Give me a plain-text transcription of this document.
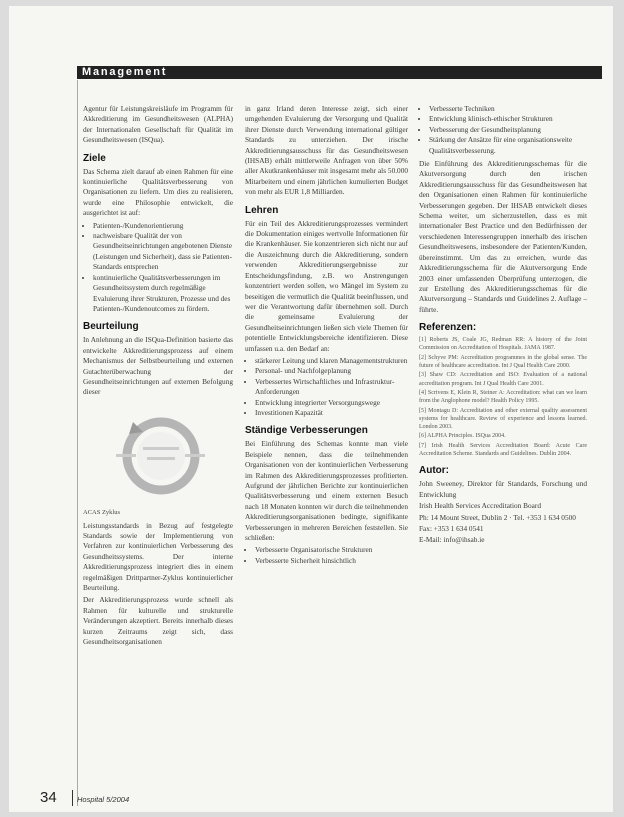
Management

Agentur für Leistungskreisläufe im Programm für Akkreditierung im Gesundheitswesen (ALPHA) der Internationalen Gesellschaft für Qualität im Gesundheitswesen (ISQua).

Ziele

Das Schema zielt darauf ab einen Rahmen für eine kontinuierliche Qualitätsverbesserung von Organisationen zu liefern. Um dies zu realisieren, wurde eine Philosophie entwickelt, die ausgerichtet ist auf:

• Patienten-/Kundenorientierung
• nachweisbare Qualität der von Gesundheitseinrichtungen angebotenen Dienste (Leistungen und Sicherheit), dass sie Patienten-Standards entsprechen
• kontinuierliche Qualitätsverbesserungen im Gesundheitssystem durch regelmäßige Evaluierung ihrer Strukturen, Prozesse und des Patienten-/Kundenoutcomes zu fördern.
Beurteilung

In Anlehnung an die ISQua-Definition basierte das entwickelte Akkreditierungsprozess auf einem Mechanismus der Selbstbeurteilung und externen Gutachterüberwachung der Gesundheitseinrichtungen auf externen Befolgung dieser

ACAS Zyklus

Leistungsstandards in Bezug auf festgelegte Standards sowie der Implementierung von Verfahren zur kontinuierlichen Verbesserung des Gesundheitssystems. Der interne Akkreditierungsprozess integriert dies in einem regelmäßigen Drittpartner-Zyklus kontinuierlicher Beurteilung.

Der Akkreditierungsprozess wurde schnell als Rahmen für kulturelle und strukturelle Veränderungen akzeptiert. Bereits innerhalb dieses kurzen Zeitraums zeigt sich, dass Gesundheitsorganisationen

in ganz Irland deren Interesse zeigt, sich einer umgehenden Evaluierung der Versorgung und Qualität ihrer Dienste durch Verwendung international gültiger Standards zu unterziehen. Der irische Akkreditierungsausschuss für das Gesundheitswesen (IHSAB) erhält mittlerweile Anfragen von über 50% aller Akutkrankenhäuser mit insgesamt mehr als 50.000 Mitarbeitern und einem jährlichen kumulierten Budget von mehr als EUR 1,8 Milliarden.

Lehren

Für ein Teil des Akkreditierungsprozesses vermindert die Dokumentation einiges wertvolle Informationen für die Krankenhäuser. Sie konzentrieren sich nicht nur auf die Auszeichnung durch die Akkreditierung, sondern verwenden Akkreditierungsergebnisse zur Entscheidungsfindung, z.B. wo Anstrengungen konzentriert werden sollen, wo Mängel im System zu beseitigen die vermutlich die Qualität beeinflussen, und wer die Verantwortung dafür übernehmen soll. Durch die gemeinsame Evaluierung der Gesundheitseinrichtungen ließen sich viele Themen für potentielle Entwicklungsbereiche identifizieren. Diese umfassen u.a. den Bedarf an:

• stärkerer Leitung und klaren Managementstrukturen
• Personal- und Nachfolgeplanung
• Verbessertes Wirtschaftliches und Infrastruktur-Anforderungen
• Entwicklung integrierter Versorgungswege
• Investitionen Kapazität
Ständige Verbesserungen

Bei Einführung des Schemas konnte man viele Beispiele nennen, dass die teilnehmenden Organisationen von der kontinuierlichen Verbesserung im Rahmen des Akkreditierungsprozesses profitierten. Aufgrund der jährlichen Berichte zur kontinuierlichen Qualitätsverbesserung und einem externen Besuch nach 18 Monaten konnten wir durch die teilnehmenden Akkreditierungsorganisationen bedingte, signifikante Verbesserungen in mehreren Bereichen feststellen. Sie schließen:

• Verbesserte Organisatorische Strukturen
• Verbesserte Sicherheit hinsichtlich
• Verbesserte Techniken
• Entwicklung klinisch-ethischer Strukturen
• Verbesserung der Gesundheitsplanung
• Stärkung der Ansätze für eine organisationsweite Qualitätsverbesserung.

Die Einführung des Akkreditierungsschemas für die Akutversorgung durch den irischen Akkreditierungsausschuss für das Gesundheitswesen hat den Organisationen einen Rahmen für kontinuierliche Verbesserungen gegeben. Der IHSAB entwickelt dieses Schema weiter, um sicherzustellen, dass es mit internationaler Best Practice und den Bedürfnissen der verschiedenen Interessengruppen innerhalb des irischen Gesundheitswesens, insbesondere der Patienten/Kunden, übereinstimmt. Um das zu erreichen, wurde das Akkreditierungsschema für die Akutversorgung Ende 2003 einer umfassenden Überprüfung unterzogen, die zur Erstellung des Akkreditierungsschemas für die Akutversorgung – Standards und Guidelines 2. Auflage – führte.

Referenzen:

[1] Roberts JS, Coale JG, Redman RR: A history of the Joint Commission on Accreditation of Hospitals. JAMA 1987.

[2] Schyve PM: Accreditation programmes in the global sense. The future of healthcare accreditation. Int J Qual Health Care 2000.

[3] Shaw CD: Accreditation and ISO: Evaluation of a national accreditation program. Int J Qual Health Care 2001.

[4] Scrivens E, Klein R, Steiner A: Accreditation: what can we learn from the Anglophone model? Health Policy 1995.

[5] Montagu D: Accreditation and other external quality assessment systems for healthcare. Review of experience and lessons learned. London 2003.

[6] ALPHA Principles. ISQua 2004.

[7] Irish Health Services Accreditation Board: Acute Care Accreditation Scheme. Standards and Guidelines. Dublin 2004.

Autor:

John Sweeney, Direktor für Standards, Forschung und Entwicklung

Irish Health Services Accreditation Board

Ph: 14 Mount Street, Dublin 2 · Tel. +353 1 634 0500

Fax: +353 1 634 0541

E-Mail: info@ihsab.ie

34	Hospital 5/2004
